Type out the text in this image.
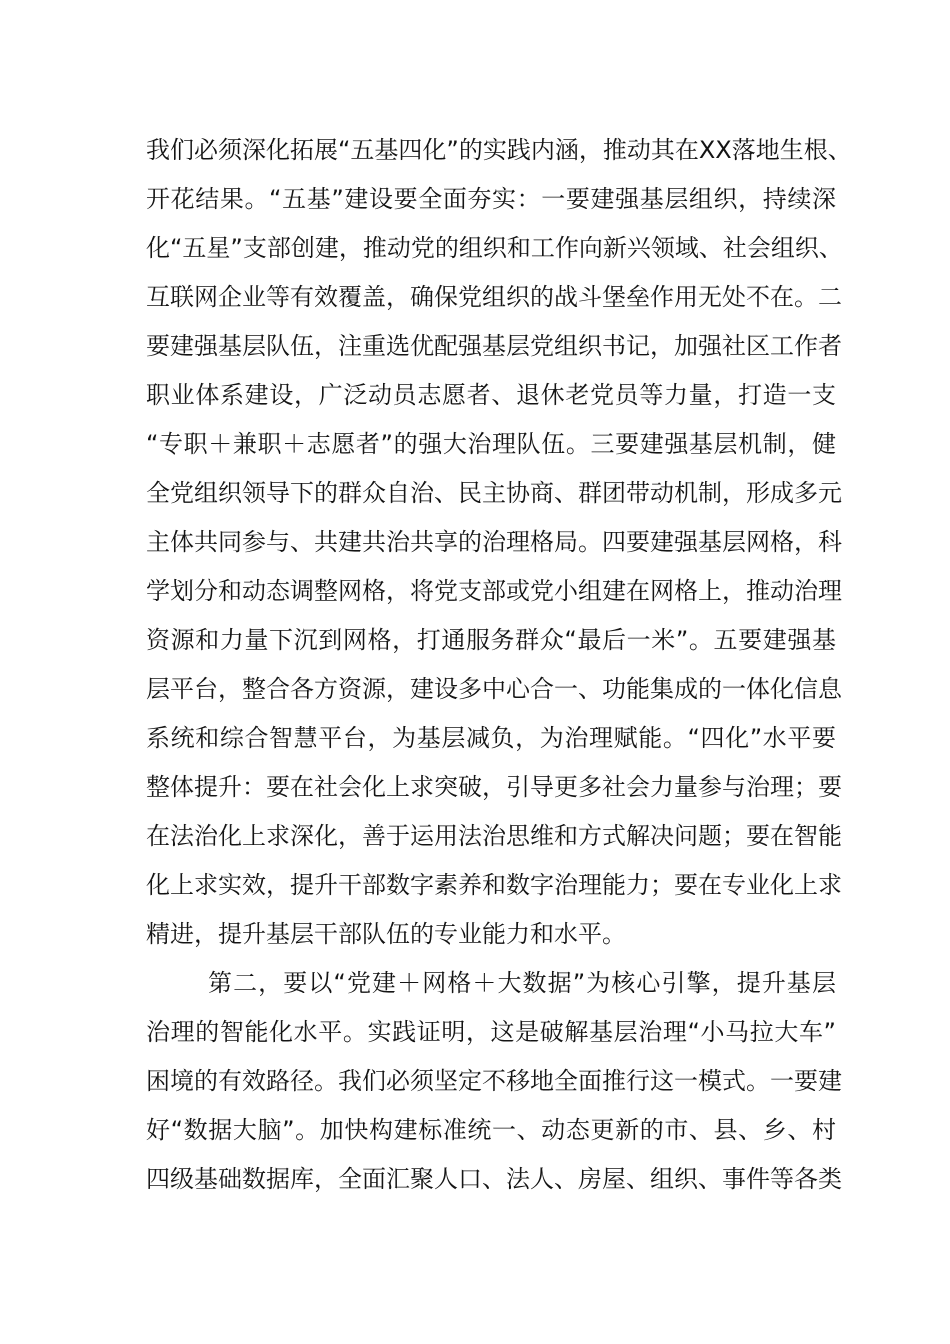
我们必须深化拓展“五基四化”的实践内涵，推动其在XX落地生根、
开花结果。“五基”建设要全面夯实：一要建强基层组织，持续深
化“五星”支部创建，推动党的组织和工作向新兴领域、社会组织、
互联网企业等有效覆盖，确保党组织的战斗堡垒作用无处不在。二
要建强基层队伍，注重选优配强基层党组织书记，加强社区工作者
职业体系建设，广泛动员志愿者、退休老党员等力量，打造一支
“专职＋兼职＋志愿者”的强大治理队伍。三要建强基层机制，健
全党组织领导下的群众自治、民主协商、群团带动机制，形成多元
主体共同参与、共建共治共享的治理格局。四要建强基层网格，科
学划分和动态调整网格，将党支部或党小组建在网格上，推动治理
资源和力量下沉到网格，打通服务群众“最后一米”。五要建强基
层平台，整合各方资源，建设多中心合一、功能集成的一体化信息
系统和综合智慧平台，为基层减负，为治理赋能。“四化”水平要
整体提升：要在社会化上求突破，引导更多社会力量参与治理；要
在法治化上求深化，善于运用法治思维和方式解决问题；要在智能
化上求实效，提升干部数字素养和数字治理能力；要在专业化上求
精进，提升基层干部队伍的专业能力和水平。
第二，要以“党建＋网格＋大数据”为核心引擎，提升基层
治理的智能化水平。实践证明，这是破解基层治理“小马拉大车”
困境的有效路径。我们必须坚定不移地全面推行这一模式。一要建
好“数据大脑”。加快构建标准统一、动态更新的市、县、乡、村
四级基础数据库，全面汇聚人口、法人、房屋、组织、事件等各类
